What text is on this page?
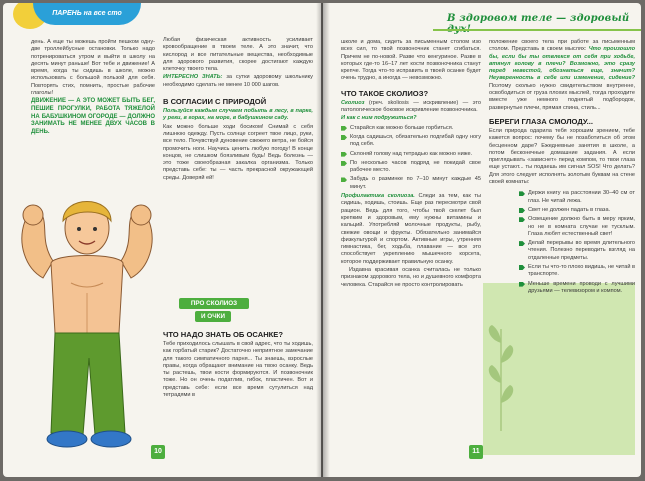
ПАРЕНЬ на все сто

день. А еще ты можешь пройти пешком одну-две троллейбусные остановки. Только надо потренироваться утром и выйти в школу на десять минут раньше! Вот тебе и движение! А время, когда ты сидишь в школе, можно использовать с большой пользой для себя. Повторять стих, помнить, простые рабочие глаголы!

ДВИЖЕНИЕ — А ЭТО МОЖЕТ БЫТЬ БЕГ, ПЕШИЕ ПРОГУЛКИ, РАБОТА ТЯЖЕЛОЙ НА БАБУШКИНОМ ОГОРОДЕ — ДОЛЖНО ЗАНИМАТЬ НЕ МЕНЕЕ ДВУХ ЧАСОВ В ДЕНЬ.

Любая физическая активность усиливает кровообращение в твоем теле. А это значит, что кислород и все питательные вещества, необходимые для здорового развития, скорее достигают каждую клеточку твоего тела.

ИНТЕРЕСНО ЗНАТЬ: за сутки здоровому школьнику необходимо сделать не менее 10 000 шагов.

В СОГЛАСИИ С ПРИРОДОЙ

Пользуйся каждым случаем побыть в лесу, в парке, у реки, в горах, на море, в бабушкином саду.

Как можно больше ходи босиком! Снимай с себя лишнюю одежду. Пусть солнце согреет твое лицо, руки, все тело. Почувствуй дуновение свежего ветра, не бойся промочить ноги. Научись ценить любую погоду! В конце концов, не слишком боязливым будь! Ведь болезнь — это тоже своеобразная закалка организма. Только представь себе: ты — часть прекрасной окружающей среды. Доверяй ей!

ПРО СКОЛИОЗ
И ОЧКИ
ЧТО НАДО ЗНАТЬ ОБ ОСАНКЕ?

Тебе приходилось слышать в свой адрес, что ты ходишь, как горбатый старик? Достаточно неприятное замечание для такого симпатичного парня... Ты знаешь, взрослые правы, когда обращают внимание на твою осанку. Ведь ты растешь, твои кости формируются. И позвоночник тоже. Но он очень податлив, гибок, пластичен. Вот и представь себе: если все время сутулиться над тетрадями в

10
В здоровом теле — здоровый

школе и дома, сидеть за письменным столом изо всех сил, то твой позвоночник станет сгибаться. Причем не по-новой. Разве что кенгуриное. Разве в которых где-то 16–17 лет кости позвоночника станут крепче. Тогда что-то исправить в твоей осанке будет очень трудно, а иногда — невозможно.

ЧТО ТАКОЕ СКОЛИОЗ?

Сколиоз (греч. skoliosis — искривление) — это патологическое боковое искривление позвоночника.

И как с ним подружиться?

Старайся как можно больше горбиться.

Когда садишься, обязательно подгибай одну ногу под себя.

Склоняй голову над тетрадью как можно ниже.

По несколько часов подряд не покидай свое рабочее место.

Забудь о разминке по 7–10 минут каждые 45 минут.

Профилактика сколиоза. Следи за тем, как ты сидишь, ходишь, стоишь. Еще раз пересмотри свой рацион. Ведь для того, чтобы твой скелет был крепким и здоровым, ему нужны витамины и кальций. Употребляй молочные продукты, рыбу, свежие овощи и фрукты. Обязательно занимайся физкультурой и спортом. Активные игры, утренняя гимнастика, бег, ходьба, плавание — все это способствует укреплению мышечного корсета, которое поддерживает правильную осанку.

Издавна красивая осанка считалась не только признаком здорового тела, но и душевного комфорта человека. Старайся не просто контролировать

положение своего тела при работе за письменным столом. Представь в своем мыслях: Что произошло бы, если бы ты отвлекся от себя при ходьбе, втянул голову в плечи? Возможно, это сразу перед невестой, обознаться еще, значит? Неуверенность в себе или изменение, сидение? Поэтому сколько нужно свидетельством внутренне, освободиться от груза плохих мыслей, тогда проходите вместе уже немного поднятый подбородок, развернутые плечи, прямая спина, стиль...

БЕРЕГИ ГЛАЗА СМОЛОДУ...

Если природа одарила тебя хорошим зрением, тебе кажется вопрос: почему бы не позаботиться об этом бесценном даре? Ежедневные занятия в школе, а потом бесконечные домашние задания. А если приглядывать «зависнет» перед компом, то твои глаза еще устают... ты подаешь им сигнал SOS! Что делать? Для этого следует исполнять золотым буквам на стене своей комнаты:

Держи книгу на расстоянии 30–40 см от глаз. Не читай лежа.

Свет не должен падать в глаза.

Освещение должно быть в меру ярким, но не в комната случае не тусклым. Глаза любят естественный свет!

Делай перерывы во время длительного чтения. Полезно переводить взгляд на отдаленные предметы.

Если ты что-то плохо видишь, не читай в транспорте.

Меньше времени проводи с лучшими друзьями — телевизором и компом.

11
